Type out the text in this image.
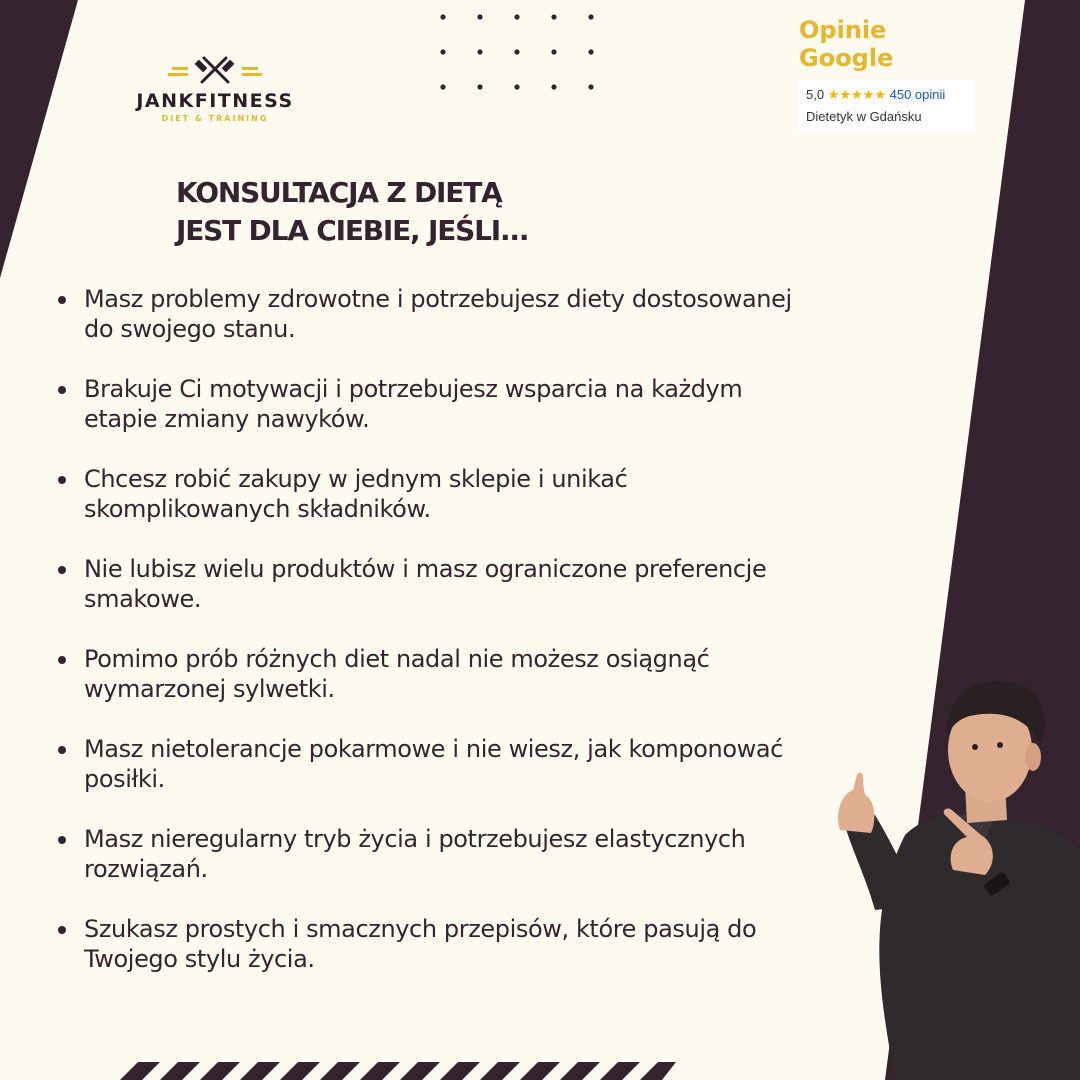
JANKFITNESS
DIET & TRAINING
Opinie Google
5,0 ★★★★★ 450 opinii
Dietetyk w Gdańsku
KONSULTACJA Z DIETĄ
JEST DLA CIEBIE, JEŚLI...
Masz problemy zdrowotne i potrzebujesz diety dostosowanej
do swojego stanu.
Brakuje Ci motywacji i potrzebujesz wsparcia na każdym
etapie zmiany nawyków.
Chcesz robić zakupy w jednym sklepie i unikać
skomplikowanych składników.
Nie lubisz wielu produktów i masz ograniczone preferencje
smakowe.
Pomimo prób różnych diet nadal nie możesz osiągnąć
wymarzonej sylwetki.
Masz nietolerancje pokarmowe i nie wiesz, jak komponować
posiłki.
Masz nieregularny tryb życia i potrzebujesz elastycznych
rozwiązań.
Szukasz prostych i smacznych przepisów, które pasują do
Twojego stylu życia.
